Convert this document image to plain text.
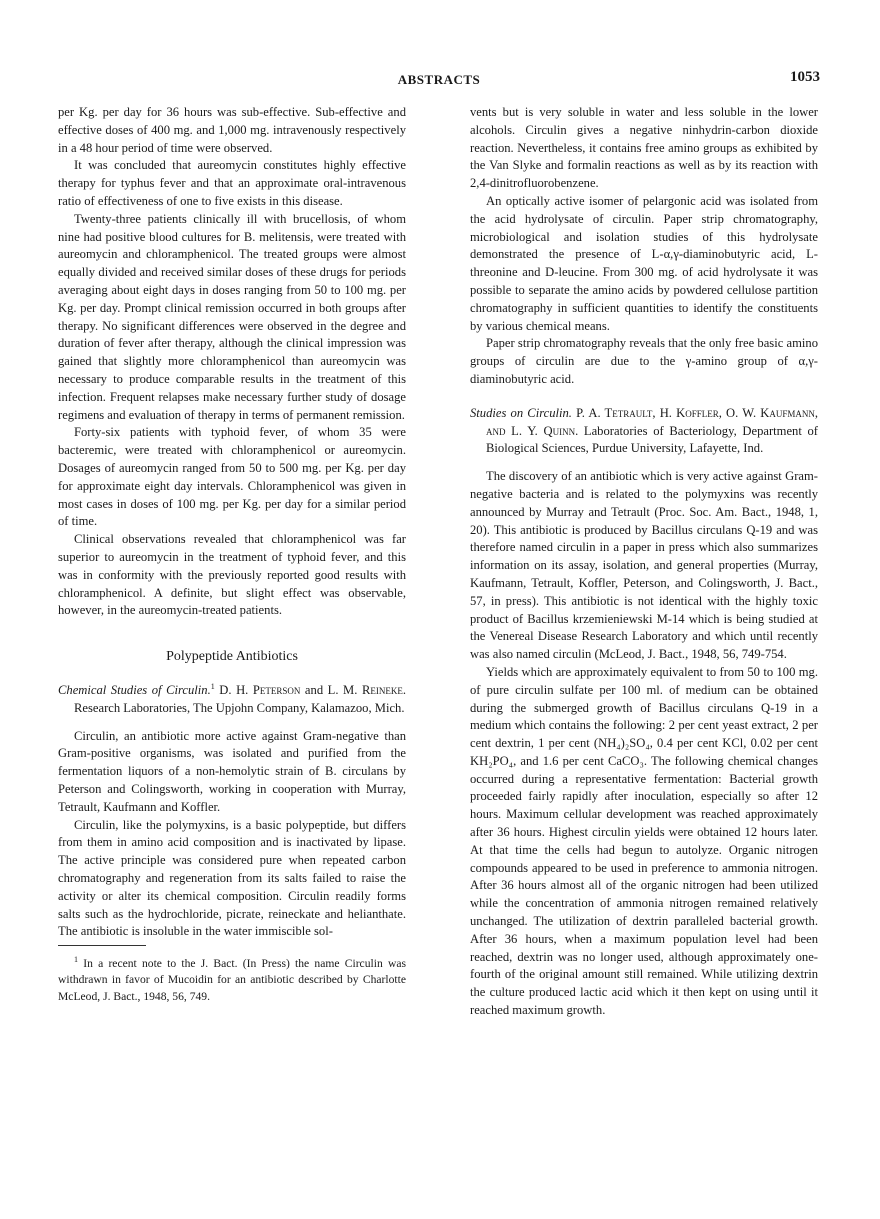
ABSTRACTS	1053

per Kg. per day for 36 hours was sub-effective. Sub-effective and effective doses of 400 mg. and 1,000 mg. intravenously respectively in a 48 hour period of time were observed.

It was concluded that aureomycin constitutes highly effective therapy for typhus fever and that an approximate oral-intravenous ratio of effectiveness of one to five exists in this disease.

Twenty-three patients clinically ill with brucellosis, of whom nine had positive blood cultures for B. melitensis, were treated with aureomycin and chloramphenicol. The treated groups were almost equally divided and received similar doses of these drugs for periods averaging about eight days in doses ranging from 50 to 100 mg. per Kg. per day. Prompt clinical remission occurred in both groups after therapy. No significant differences were observed in the degree and duration of fever after therapy, although the clinical impression was gained that slightly more chloramphenicol than aureomycin was necessary to produce comparable results in the treatment of this infection. Frequent relapses make necessary further study of dosage regimens and evaluation of therapy in terms of permanent remission.

Forty-six patients with typhoid fever, of whom 35 were bacteremic, were treated with chloramphenicol or aureomycin. Dosages of aureomycin ranged from 50 to 500 mg. per Kg. per day for approximate eight day intervals. Chloramphenicol was given in most cases in doses of 100 mg. per Kg. per day for a similar period of time.

Clinical observations revealed that chloramphenicol was far superior to aureomycin in the treatment of typhoid fever, and this was in conformity with the previously reported good results with chloramphenicol. A definite, but slight effect was observable, however, in the aureomycin-treated patients.

Polypeptide Antibiotics

Chemical Studies of Circulin.$^1$ D. H. Peterson and L. M. Reineke. Research Laboratories, The Upjohn Company, Kalamazoo, Mich.

Circulin, an antibiotic more active against Gram-negative than Gram-positive organisms, was isolated and purified from the fermentation liquors of a non-hemolytic strain of B. circulans by Peterson and Colingsworth, working in cooperation with Murray, Tetrault, Kaufmann and Koffler.

Circulin, like the polymyxins, is a basic polypeptide, but differs from them in amino acid composition and is inactivated by lipase. The active principle was considered pure when repeated carbon chromatography and regeneration from its salts failed to raise the activity or alter its chemical composition. Circulin readily forms salts such as the hydrochloride, picrate, reineckate and helianthate. The antibiotic is insoluble in the water immiscible sol-

$^1$ In a recent note to the J. Bact. (In Press) the name Circulin was withdrawn in favor of Mucoidin for an antibiotic described by Charlotte McLeod, J. Bact., 1948, 56, 749.

vents but is very soluble in water and less soluble in the lower alcohols. Circulin gives a negative ninhydrin-carbon dioxide reaction. Nevertheless, it contains free amino groups as exhibited by the Van Slyke and formalin reactions as well as by its reaction with 2,4-dinitrofluorobenzene.

An optically active isomer of pelargonic acid was isolated from the acid hydrolysate of circulin. Paper strip chromatography, microbiological and isolation studies of this hydrolysate demonstrated the presence of L-α,γ-diaminobutyric acid, L-threonine and D-leucine. From 300 mg. of acid hydrolysate it was possible to separate the amino acids by powdered cellulose partition chromatography in sufficient quantities to identify the constituents by various chemical means.

Paper strip chromatography reveals that the only free basic amino groups of circulin are due to the γ-amino group of α,γ-diaminobutyric acid.

Studies on Circulin. P. A. Tetrault, H. Koffler, O. W. Kaufmann, and L. Y. Quinn. Laboratories of Bacteriology, Department of Biological Sciences, Purdue University, Lafayette, Ind.

The discovery of an antibiotic which is very active against Gram-negative bacteria and is related to the polymyxins was recently announced by Murray and Tetrault (Proc. Soc. Am. Bact., 1948, 1, 20). This antibiotic is produced by Bacillus circulans Q-19 and was therefore named circulin in a paper in press which also summarizes information on its assay, isolation, and general properties (Murray, Kaufmann, Tetrault, Koffler, Peterson, and Colingsworth, J. Bact., 57, in press). This antibiotic is not identical with the highly toxic product of Bacillus krzemieniewski M-14 which is being studied at the Venereal Disease Research Laboratory and which until recently was also named circulin (McLeod, J. Bact., 1948, 56, 749-754.

Yields which are approximately equivalent to from 50 to 100 mg. of pure circulin sulfate per 100 ml. of medium can be obtained during the submerged growth of Bacillus circulans Q-19 in a medium which contains the following: 2 per cent yeast extract, 2 per cent dextrin, 1 per cent (NH₄)₂SO₄, 0.4 per cent KCl, 0.02 per cent KH₂PO₄, and 1.6 per cent CaCO₃. The following chemical changes occurred during a representative fermentation: Bacterial growth proceeded fairly rapidly after inoculation, especially so after 12 hours. Maximum cellular development was reached approximately after 36 hours. Highest circulin yields were obtained 12 hours later. At that time the cells had begun to autolyze. Organic nitrogen compounds appeared to be used in preference to ammonia nitrogen. After 36 hours almost all of the organic nitrogen had been utilized while the concentration of ammonia nitrogen remained relatively unchanged. The utilization of dextrin paralleled bacterial growth. After 36 hours, when a maximum population level had been reached, dextrin was no longer used, although approximately one-fourth of the original amount still remained. While utilizing dextrin the culture produced lactic acid which it then kept on using until it reached maximum growth.
